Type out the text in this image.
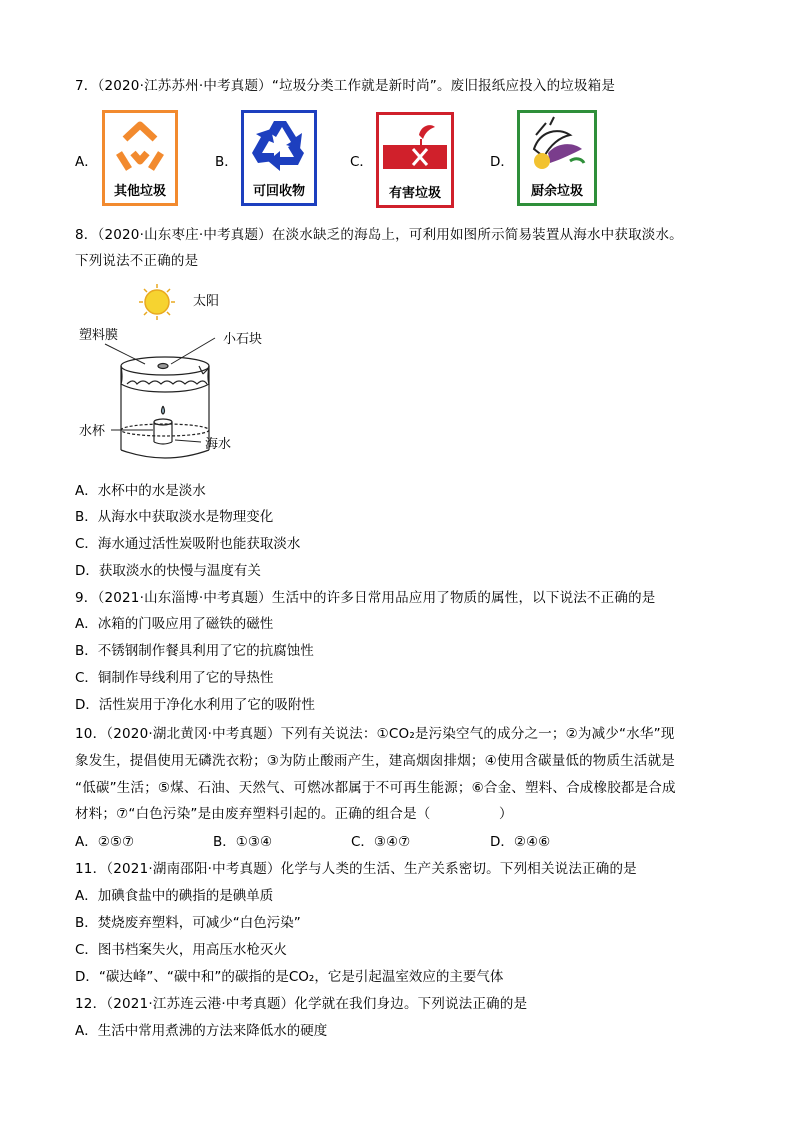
7．（2020·江苏苏州·中考真题）“垃圾分类工作就是新时尚”。废旧报纸应投入的垃圾箱是
A．
其他垃圾
B．
可回收物
C．
有害垃圾
D．
厨余垃圾
8．（2020·山东枣庄·中考真题）在淡水缺乏的海岛上，可利用如图所示简易装置从海水中获取淡水。
下列说法不正确的是
太阳
塑料膜	小石块
水杯
海水
A．水杯中的水是淡水
B．从海水中获取淡水是物理变化
C．海水通过活性炭吸附也能获取淡水
D．获取淡水的快慢与温度有关
9．（2021·山东淄博·中考真题）生活中的许多日常用品应用了物质的属性，以下说法不正确的是
A．冰箱的门吸应用了磁铁的磁性
B．不锈钢制作餐具利用了它的抗腐蚀性
C．铜制作导线利用了它的导热性
D．活性炭用于净化水利用了它的吸附性
10．（2020·湖北黄冈·中考真题）下列有关说法：①CO₂是污染空气的成分之一；②为减少“水华”现
象发生，提倡使用无磷洗衣粉；③为防止酸雨产生，建高烟囱排烟；④使用含碳量低的物质生活就是
“低碳”生活；⑤煤、石油、天然气、可燃冰都属于不可再生能源；⑥合金、塑料、合成橡胶都是合成
材料；⑦“白色污染”是由废弃塑料引起的。正确的组合是（　　　　　）
A．②⑤⑦	B．①③④	C．③④⑦	D．②④⑥
11．（2021·湖南邵阳·中考真题）化学与人类的生活、生产关系密切。下列相关说法正确的是
A．加碘食盐中的碘指的是碘单质
B．焚烧废弃塑料，可减少“白色污染”
C．图书档案失火，用高压水枪灭火
D．“碳达峰”、“碳中和”的碳指的是CO₂，它是引起温室效应的主要气体
12．（2021·江苏连云港·中考真题）化学就在我们身边。下列说法正确的是
A．生活中常用煮沸的方法来降低水的硬度
